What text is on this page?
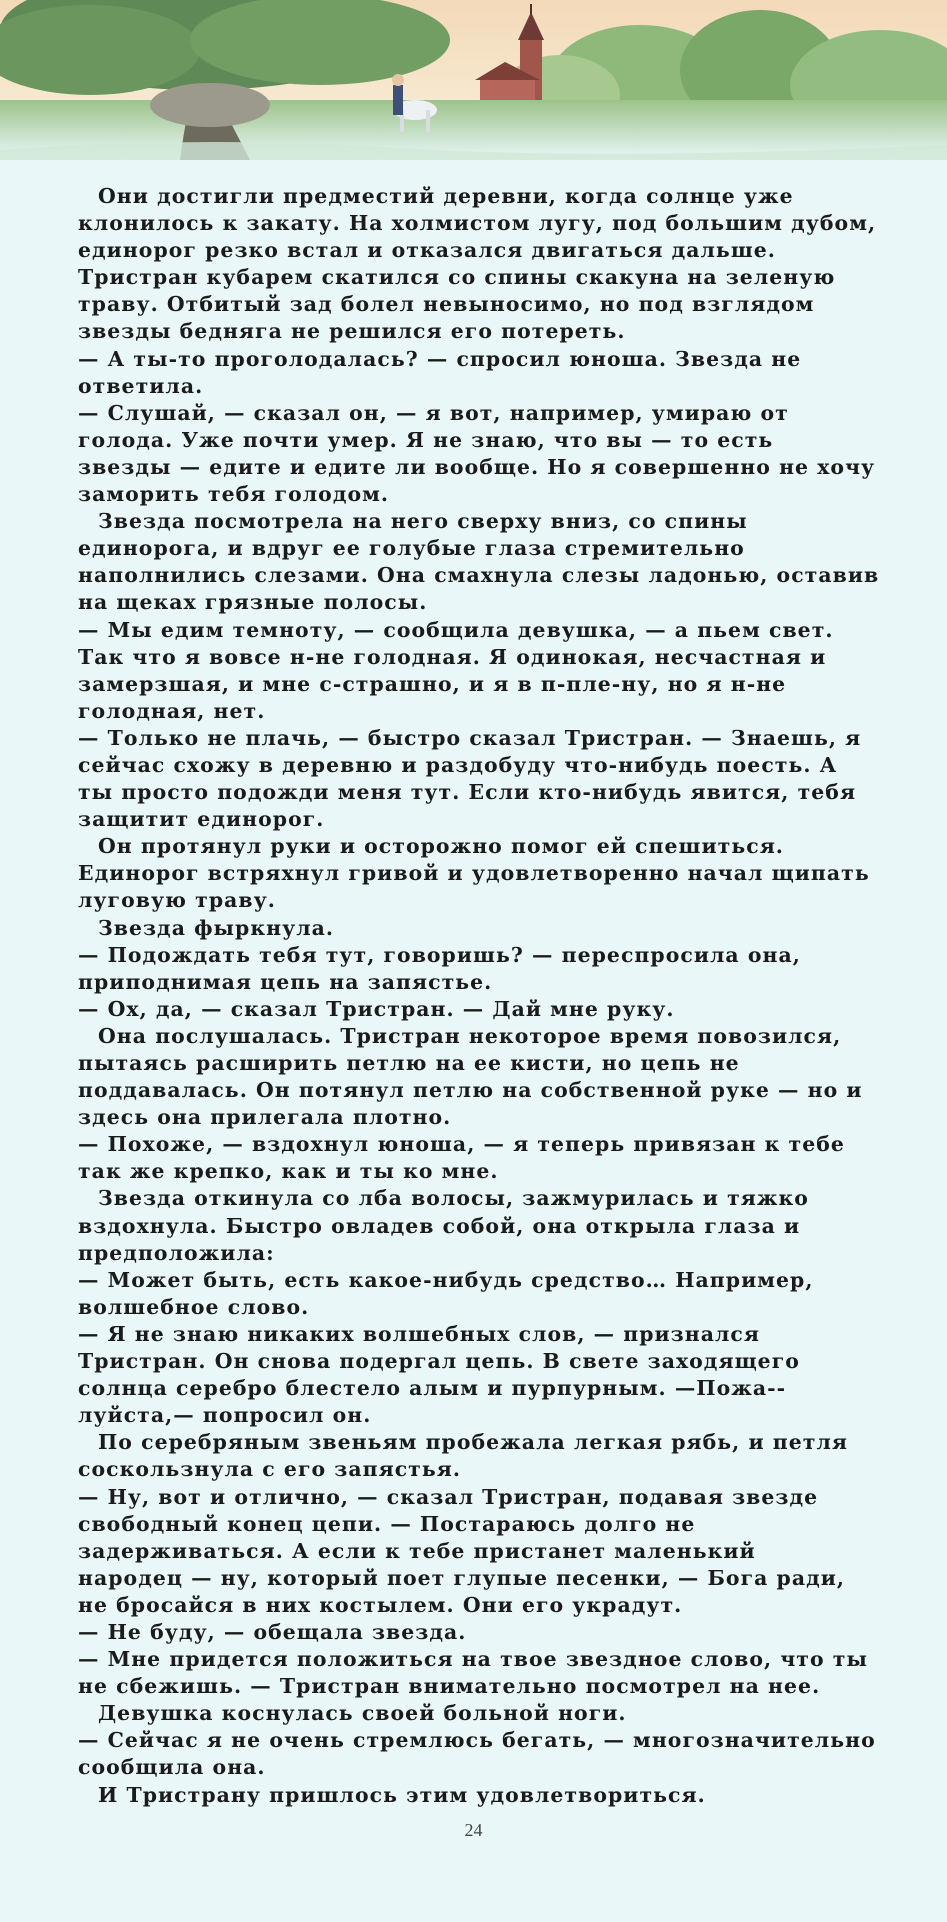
Они достигли предместий деревни, когда солнце уже
клонилось к закату. На холмистом лугу, под большим дубом,
единорог резко встал и отказался двигаться дальше.
Тристран кубарем скатился со спины скакуна на зеленую
траву. Отбитый зад болел невыносимо, но под взглядом
звезды бедняга не решился его потереть.
— А ты-то проголодалась? — спросил юноша. Звезда не
ответила.
— Слушай, — сказал он, — я вот, например, умираю от
голода. Уже почти умер. Я не знаю, что вы — то есть
звезды — едите и едите ли вообще. Но я совершенно не хочу
заморить тебя голодом.
Звезда посмотрела на него сверху вниз, со спины
единорога, и вдруг ее голубые глаза стремительно
наполнились слезами. Она смахнула слезы ладонью, оставив
на щеках грязные полосы.
— Мы едим темноту, — сообщила девушка, — а пьем свет.
Так что я вовсе н-не голодная. Я одинокая, несчастная и
замерзшая, и мне с-страшно, и я в п-пле-ну, но я н-не
голодная, нет.
— Только не плачь, — быстро сказал Тристран. — Знаешь, я
сейчас схожу в деревню и раздобуду что-нибудь поесть. А
ты просто подожди меня тут. Если кто-нибудь явится, тебя
защитит единорог.
Он протянул руки и осторожно помог ей спешиться.
Единорог встряхнул гривой и удовлетворенно начал щипать
луговую траву.
Звезда фыркнула.
— Подождать тебя тут, говоришь? — переспросила она,
приподнимая цепь на запястье.
— Ох, да, — сказал Тристран. — Дай мне руку.
Она послушалась. Тристран некоторое время повозился,
пытаясь расширить петлю на ее кисти, но цепь не
поддавалась. Он потянул петлю на собственной руке — но и
здесь она прилегала плотно.
— Похоже, — вздохнул юноша, — я теперь привязан к тебе
так же крепко, как и ты ко мне.
Звезда откинула со лба волосы, зажмурилась и тяжко
вздохнула. Быстро овладев собой, она открыла глаза и
предположила:
— Может быть, есть какое-нибудь средство… Например,
волшебное слово.
— Я не знаю никаких волшебных слов, — признался
Тристран. Он снова подергал цепь. В свете заходящего
солнца серебро блестело алым и пурпурным. —Пожа--
луйста,— попросил он.
По серебряным звеньям пробежала легкая рябь, и петля
соскользнула с его запястья.
— Ну, вот и отлично, — сказал Тристран, подавая звезде
свободный конец цепи. — Постараюсь долго не
задерживаться. А если к тебе пристанет маленький
народец — ну, который поет глупые песенки, — Бога ради,
не бросайся в них костылем. Они его украдут.
— Не буду, — обещала звезда.
— Мне придется положиться на твое звездное слово, что ты
не сбежишь. — Тристран внимательно посмотрел на нее.
Девушка коснулась своей больной ноги.
— Сейчас я не очень стремлюсь бегать, — многозначительно
сообщила она.
И Тристрану пришлось этим удовлетвориться.
24
